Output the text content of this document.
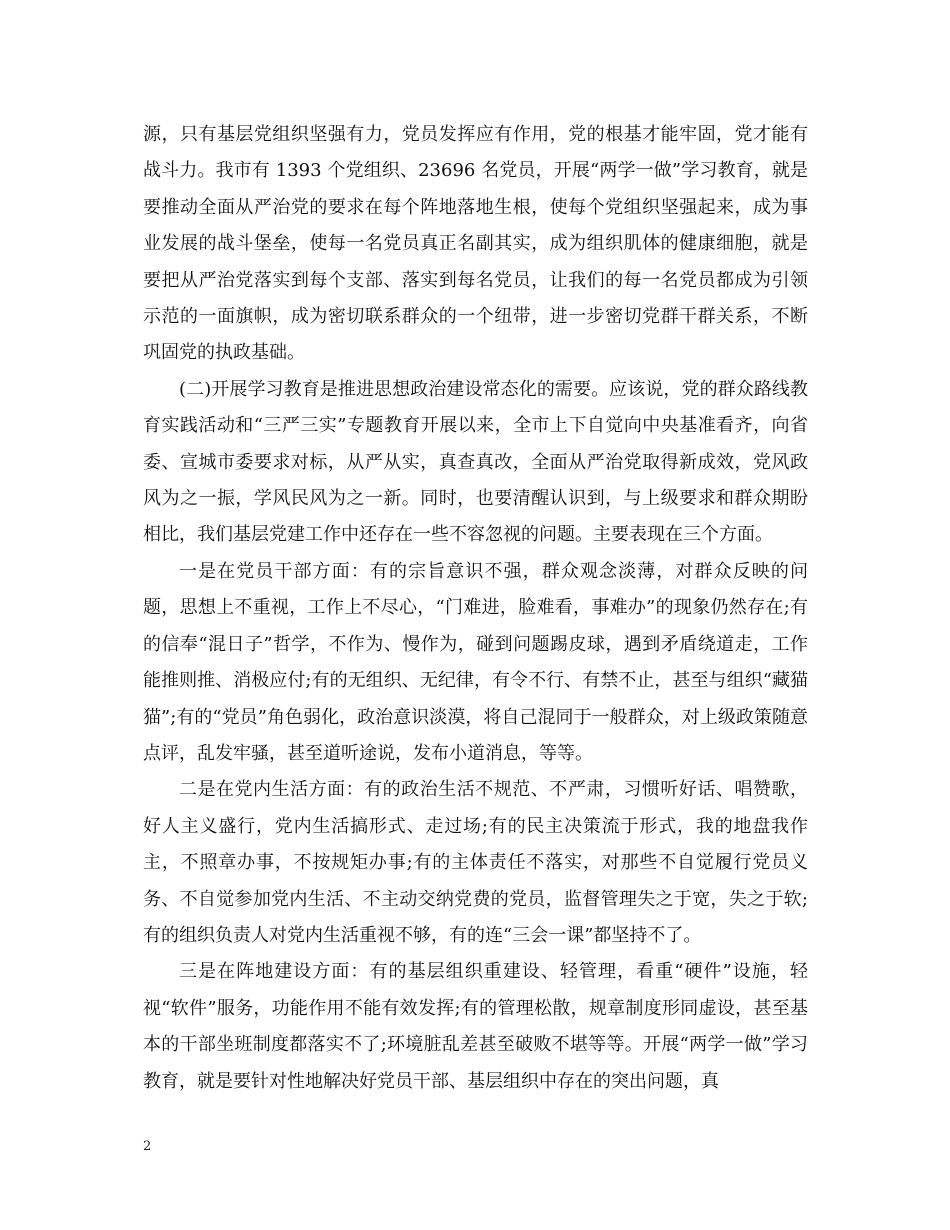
源，只有基层党组织坚强有力，党员发挥应有作用，党的根基才能牢固，党才能有战斗力。我市有 1393 个党组织、23696 名党员，开展“两学一做”学习教育，就是要推动全面从严治党的要求在每个阵地落地生根，使每个党组织坚强起来，成为事业发展的战斗堡垒，使每一名党员真正名副其实，成为组织肌体的健康细胞，就是要把从严治党落实到每个支部、落实到每名党员，让我们的每一名党员都成为引领示范的一面旗帜，成为密切联系群众的一个纽带，进一步密切党群干群关系，不断巩固党的执政基础。

(二)开展学习教育是推进思想政治建设常态化的需要。应该说，党的群众路线教育实践活动和“三严三实”专题教育开展以来，全市上下自觉向中央基准看齐，向省委、宣城市委要求对标，从严从实，真查真改，全面从严治党取得新成效，党风政风为之一振，学风民风为之一新。同时，也要清醒认识到，与上级要求和群众期盼相比，我们基层党建工作中还存在一些不容忽视的问题。主要表现在三个方面。

一是在党员干部方面：有的宗旨意识不强，群众观念淡薄，对群众反映的问题，思想上不重视，工作上不尽心，“门难进，脸难看，事难办”的现象仍然存在;有的信奉“混日子”哲学，不作为、慢作为，碰到问题踢皮球，遇到矛盾绕道走，工作能推则推、消极应付;有的无组织、无纪律，有令不行、有禁不止，甚至与组织“藏猫猫”;有的“党员”角色弱化，政治意识淡漠，将自己混同于一般群众，对上级政策随意点评，乱发牢骚，甚至道听途说，发布小道消息，等等。

二是在党内生活方面：有的政治生活不规范、不严肃，习惯听好话、唱赞歌，好人主义盛行，党内生活搞形式、走过场;有的民主决策流于形式，我的地盘我作主，不照章办事，不按规矩办事;有的主体责任不落实，对那些不自觉履行党员义务、不自觉参加党内生活、不主动交纳党费的党员，监督管理失之于宽，失之于软;有的组织负责人对党内生活重视不够，有的连“三会一课”都坚持不了。

三是在阵地建设方面：有的基层组织重建设、轻管理，看重“硬件”设施，轻视“软件”服务，功能作用不能有效发挥;有的管理松散，规章制度形同虚设，甚至基本的干部坐班制度都落实不了;环境脏乱差甚至破败不堪等等。开展“两学一做”学习教育，就是要针对性地解决好党员干部、基层组织中存在的突出问题，真

2
